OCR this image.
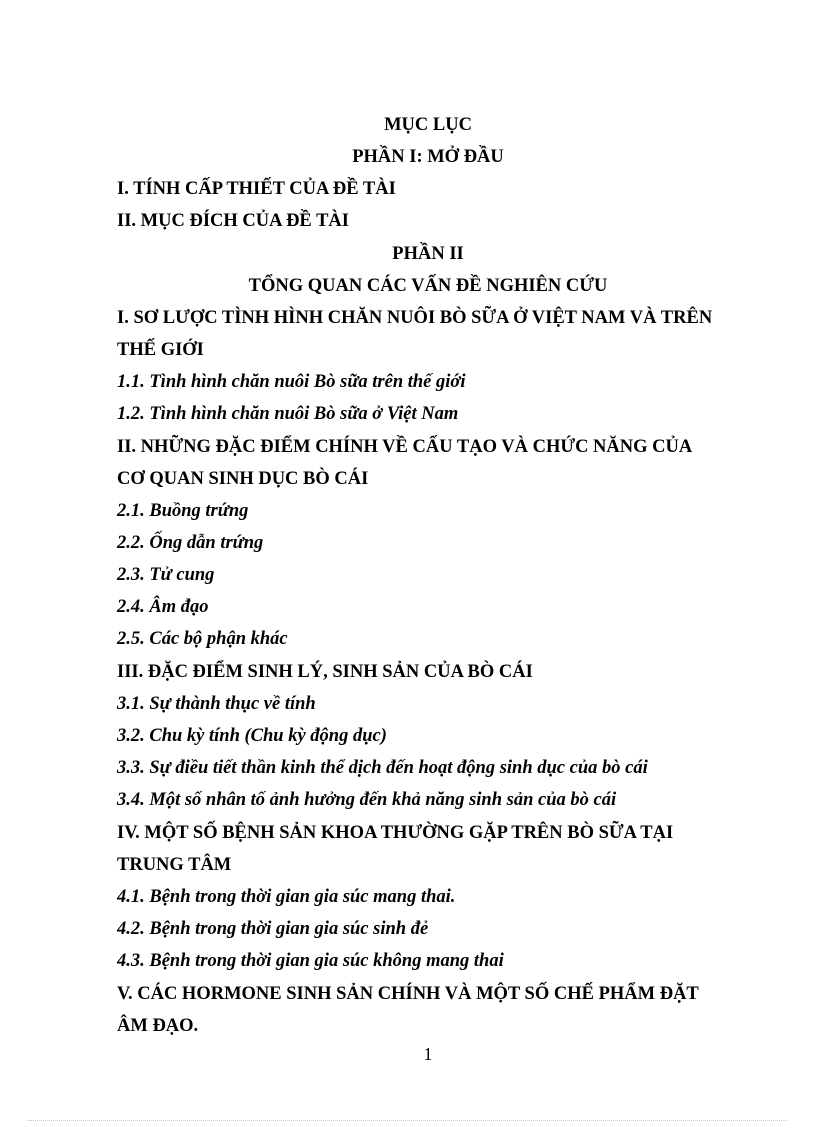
MỤC LỤC
PHẦN I: MỞ ĐẦU
I. TÍNH CẤP THIẾT CỦA ĐỀ TÀI
II. MỤC ĐÍCH CỦA ĐỀ TÀI
PHẦN II
TỔNG QUAN CÁC VẤN ĐỀ NGHIÊN CỨU
I. SƠ LƯỢC TÌNH HÌNH CHĂN NUÔI BÒ SỮA Ở VIỆT NAM VÀ TRÊN
THẾ GIỚI
1.1. Tình hình chăn nuôi Bò sữa trên thế giới
1.2. Tình hình chăn nuôi Bò sữa ở Việt Nam
II. NHỮNG ĐẶC ĐIỂM CHÍNH VỀ CẤU TẠO VÀ CHỨC NĂNG CỦA
CƠ QUAN SINH DỤC BÒ CÁI
2.1. Buồng trứng
2.2. Ống dẫn trứng
2.3. Tử cung
2.4. Âm đạo
2.5. Các bộ phận khác
III. ĐẶC ĐIỂM SINH LÝ, SINH SẢN CỦA BÒ CÁI
3.1. Sự thành thục về tính
3.2. Chu kỳ tính (Chu kỳ động dục)
3.3. Sự điều tiết thần kinh thể dịch đến hoạt động sinh dục của bò cái
3.4. Một số nhân tố ảnh hưởng đến khả năng sinh sản của bò cái
IV. MỘT SỐ BỆNH SẢN KHOA THƯỜNG GẶP TRÊN BÒ SỮA TẠI
TRUNG TÂM
4.1. Bệnh trong thời gian gia súc mang thai.
4.2. Bệnh trong thời gian gia súc sinh đẻ
4.3. Bệnh trong thời gian gia súc không mang thai
V. CÁC HORMONE SINH SẢN CHÍNH VÀ MỘT SỐ CHẾ PHẨM ĐẶT
ÂM ĐẠO.
1
